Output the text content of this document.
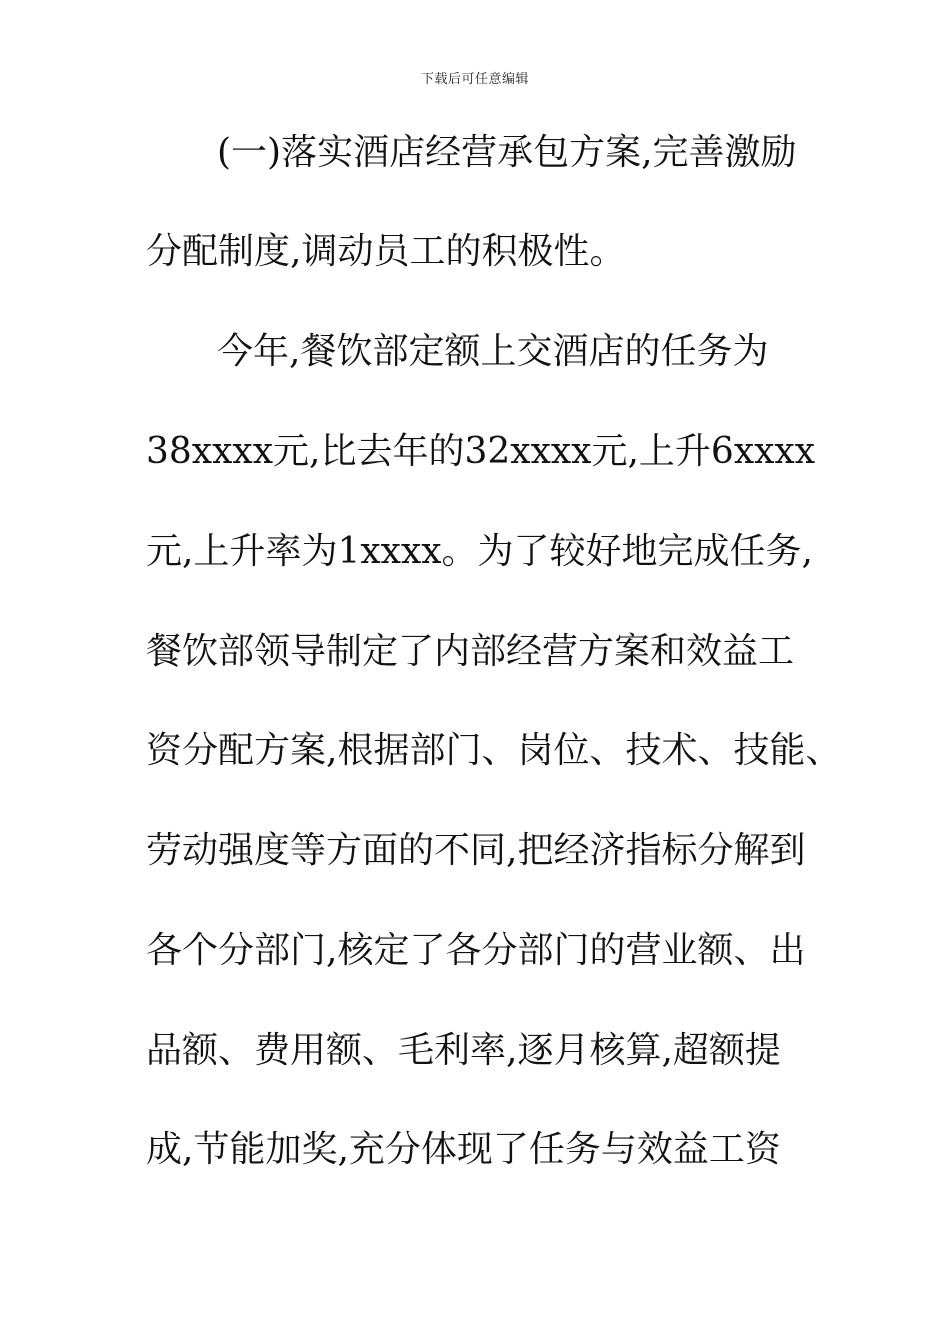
下载后可任意编辑
(一)落实酒店经营承包方案,完善激励
分配制度,调动员工的积极性。
今年,餐饮部定额上交酒店的任务为
38xxxx元,比去年的32xxxx元,上升6xxxx
元,上升率为1xxxx。为了较好地完成任务,
餐饮部领导制定了内部经营方案和效益工
资分配方案,根据部门、岗位、技术、技能、
劳动强度等方面的不同,把经济指标分解到
各个分部门,核定了各分部门的营业额、出
品额、费用额、毛利率,逐月核算,超额提
成,节能加奖,充分体现了任务与效益工资
